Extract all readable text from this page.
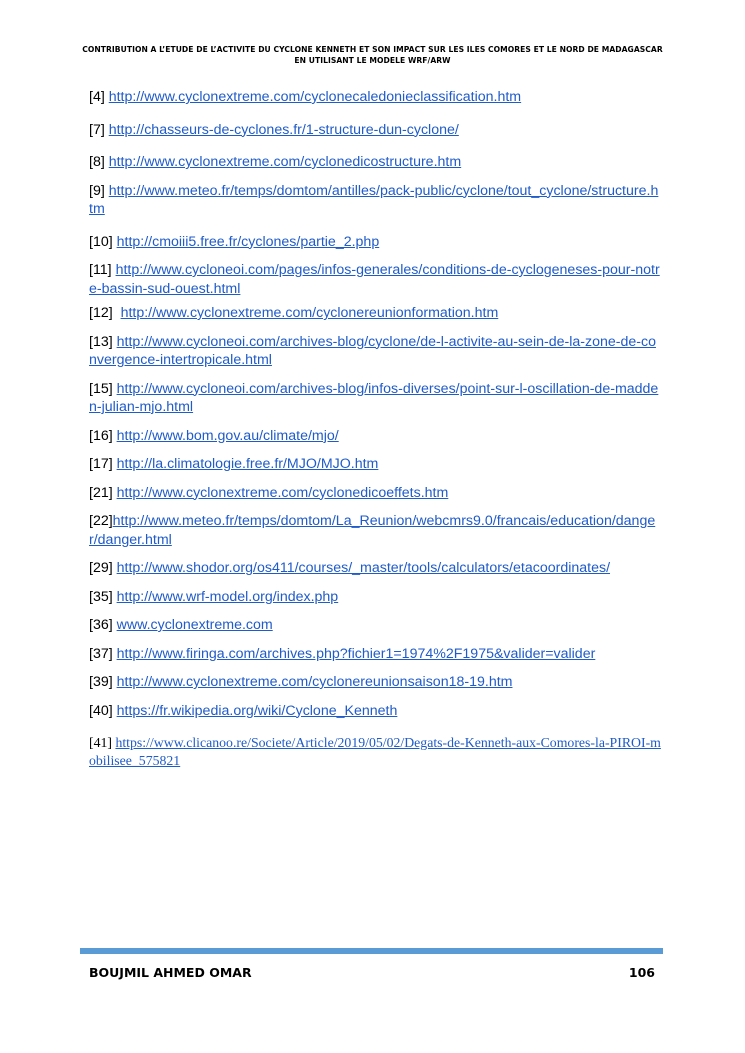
CONTRIBUTION A L’ETUDE DE L’ACTIVITE DU CYCLONE KENNETH ET SON IMPACT SUR LES ILES COMORES ET LE NORD DE MADAGASCAR
EN UTILISANT LE MODELE WRF/ARW
[4] http://www.cyclonextreme.com/cyclonecaledonieclassification.htm
[7] http://chasseurs-de-cyclones.fr/1-structure-dun-cyclone/
[8] http://www.cyclonextreme.com/cyclonedicostructure.htm
[9] http://www.meteo.fr/temps/domtom/antilles/pack-public/cyclone/tout_cyclone/structure.htm
[10] http://cmoiii5.free.fr/cyclones/partie_2.php
[11] http://www.cycloneoi.com/pages/infos-generales/conditions-de-cyclogeneses-pour-notre-bassin-sud-ouest.html
[12]  http://www.cyclonextreme.com/cyclonereunionformation.htm
[13] http://www.cycloneoi.com/archives-blog/cyclone/de-l-activite-au-sein-de-la-zone-de-convergence-intertropicale.html
[15] http://www.cycloneoi.com/archives-blog/infos-diverses/point-sur-l-oscillation-de-madden-julian-mjo.html
[16] http://www.bom.gov.au/climate/mjo/
[17] http://la.climatologie.free.fr/MJO/MJO.htm
[21] http://www.cyclonextreme.com/cyclonedicoeffets.htm
[22]http://www.meteo.fr/temps/domtom/La_Reunion/webcmrs9.0/francais/education/danger/danger.html
[29] http://www.shodor.org/os411/courses/_master/tools/calculators/etacoordinates/
[35] http://www.wrf-model.org/index.php
[36] www.cyclonextreme.com
[37] http://www.firinga.com/archives.php?fichier1=1974%2F1975&valider=valider
[39] http://www.cyclonextreme.com/cyclonereunionsaison18-19.htm
[40] https://fr.wikipedia.org/wiki/Cyclone_Kenneth
[41] https://www.clicanoo.re/Societe/Article/2019/05/02/Degats-de-Kenneth-aux-Comores-la-PIROI-mobilisee_575821
BOUJMIL AHMED OMAR	106
